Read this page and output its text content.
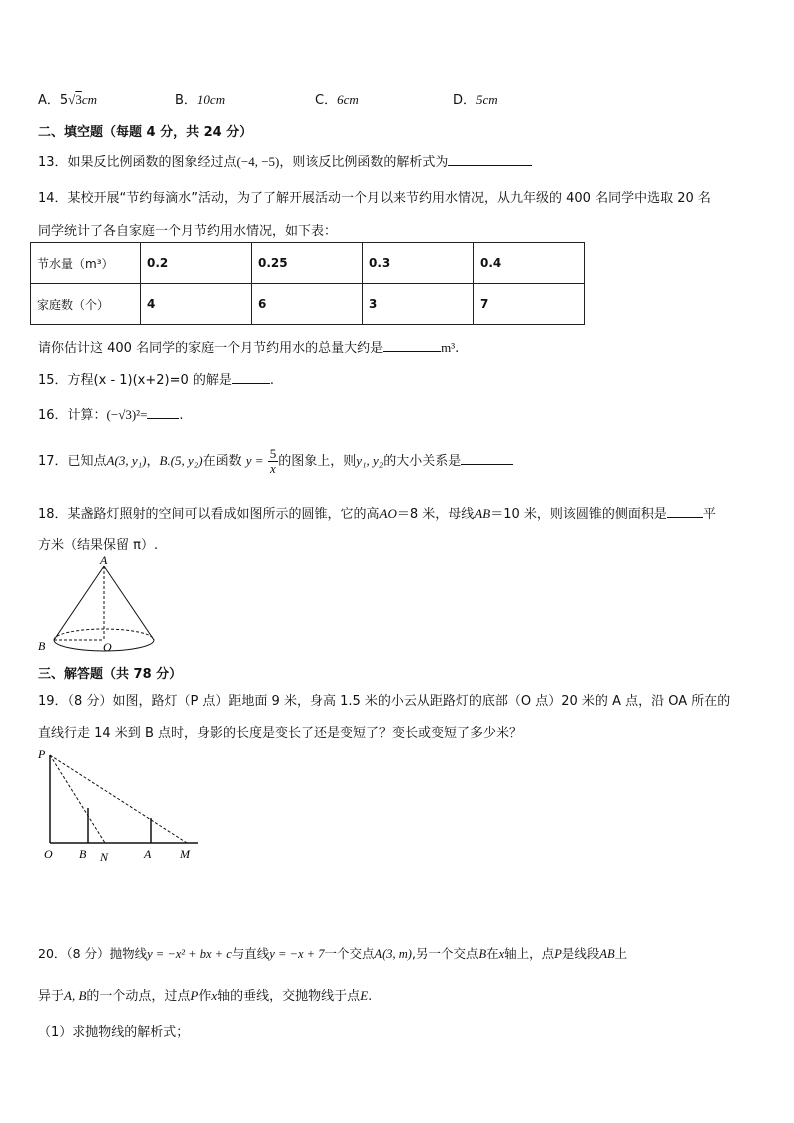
A．5√3cm	B．10cm	C．6cm	D．5cm
二、填空题（每题 4 分，共 24 分）
13．如果反比例函数的图象经过点(−4, −5)，则该反比例函数的解析式为
14．某校开展“节约每滴水”活动，为了了解开展活动一个月以来节约用水情况，从九年级的 400 名同学中选取 20 名
同学统计了各自家庭一个月节约用水情况，如下表：
节水量（m³）	0.2	0.25	0.3	0.4
家庭数（个）	4	6	3	7
请你估计这 400 名同学的家庭一个月节约用水的总量大约是	m³.
15．方程(x - 1)(x+2)=0 的解是	.
16．计算：(−√3)²= .
17．已知点A(3, y₁)，B.(5, y₂)在函数 $y = \frac{5}{x}$ 的图象上，则y₁, y₂的大小关系是
18．某盏路灯照射的空间可以看成如图所示的圆锥，它的高AO＝8 米，母线AB＝10 米，则该圆锥的侧面积是	平
方米（结果保留 π）.
A
B	O
三、解答题（共 78 分）
19．（8 分）如图，路灯（P 点）距地面 9 米，身高 1.5 米的小云从距路灯的底部（O 点）20 米的 A 点，沿 OA 所在的
直线行走 14 米到 B 点时，身影的长度是变长了还是变短了？变长或变短了多少米？
P
O B N	A M
20．（8 分）抛物线y = −x² + bx + c与直线y = −x + 7一个交点A(3, m),另一个交点B在x轴上，点P是线段AB上
异于A, B的一个动点，过点P作x轴的垂线，交抛物线于点E.
（1）求抛物线的解析式；
